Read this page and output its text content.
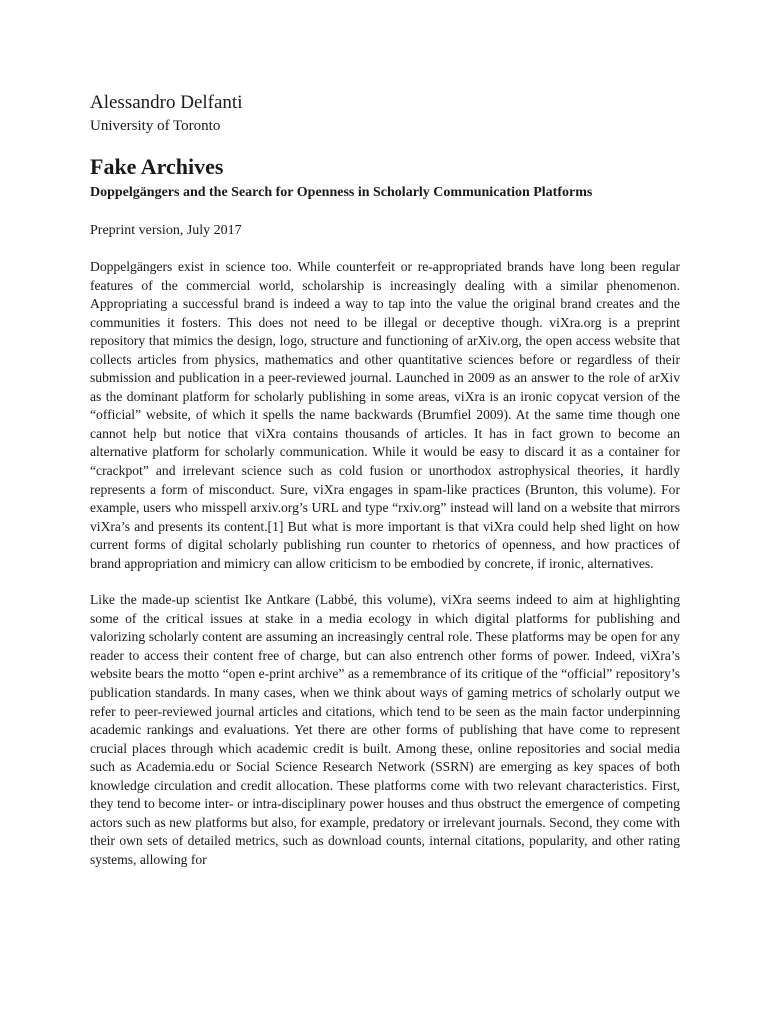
Alessandro Delfanti

University of Toronto

Fake Archives
Doppelgängers and the Search for Openness in Scholarly Communication Platforms

Preprint version, July 2017

Doppelgängers exist in science too. While counterfeit or re-appropriated brands have long been regular features of the commercial world, scholarship is increasingly dealing with a similar phenomenon. Appropriating a successful brand is indeed a way to tap into the value the original brand creates and the communities it fosters. This does not need to be illegal or deceptive though. viXra.org is a preprint repository that mimics the design, logo, structure and functioning of arXiv.org, the open access website that collects articles from physics, mathematics and other quantitative sciences before or regardless of their submission and publication in a peer-reviewed journal. Launched in 2009 as an answer to the role of arXiv as the dominant platform for scholarly publishing in some areas, viXra is an ironic copycat version of the “official” website, of which it spells the name backwards (Brumfiel 2009). At the same time though one cannot help but notice that viXra contains thousands of articles. It has in fact grown to become an alternative platform for scholarly communication. While it would be easy to discard it as a container for “crackpot” and irrelevant science such as cold fusion or unorthodox astrophysical theories, it hardly represents a form of misconduct. Sure, viXra engages in spam-like practices (Brunton, this volume). For example, users who misspell arxiv.org’s URL and type “rxiv.org” instead will land on a website that mirrors viXra’s and presents its content.[1] But what is more important is that viXra could help shed light on how current forms of digital scholarly publishing run counter to rhetorics of openness, and how practices of brand appropriation and mimicry can allow criticism to be embodied by concrete, if ironic, alternatives.

Like the made-up scientist Ike Antkare (Labbé, this volume), viXra seems indeed to aim at highlighting some of the critical issues at stake in a media ecology in which digital platforms for publishing and valorizing scholarly content are assuming an increasingly central role. These platforms may be open for any reader to access their content free of charge, but can also entrench other forms of power. Indeed, viXra’s website bears the motto “open e-print archive” as a remembrance of its critique of the “official” repository’s publication standards. In many cases, when we think about ways of gaming metrics of scholarly output we refer to peer-reviewed journal articles and citations, which tend to be seen as the main factor underpinning academic rankings and evaluations. Yet there are other forms of publishing that have come to represent crucial places through which academic credit is built. Among these, online repositories and social media such as Academia.edu or Social Science Research Network (SSRN) are emerging as key spaces of both knowledge circulation and credit allocation. These platforms come with two relevant characteristics. First, they tend to become inter- or intra-disciplinary power houses and thus obstruct the emergence of competing actors such as new platforms but also, for example, predatory or irrelevant journals. Second, they come with their own sets of detailed metrics, such as download counts, internal citations, popularity, and other rating systems, allowing for
